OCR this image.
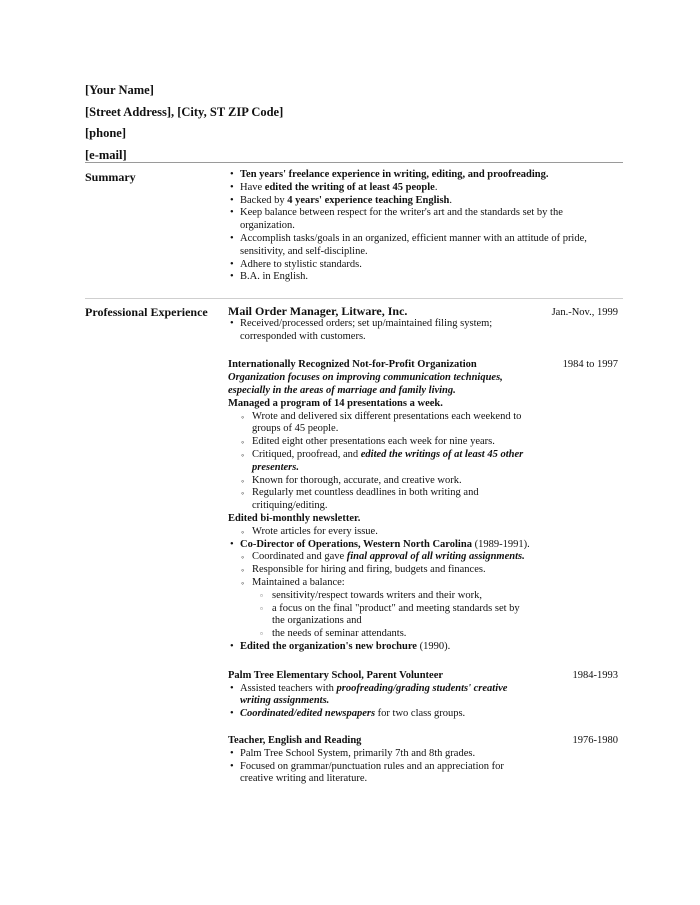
[Your Name]
[Street Address], [City, ST ZIP Code]
[phone]
[e-mail]
Summary
•	Ten years' freelance experience in writing, editing, and proofreading.
• Have edited the writing of at least 45 people.
• Backed by 4 years' experience teaching English.
• Keep balance between respect for the writer's art and the standards set by the organization.
• Accomplish tasks/goals in an organized, efficient manner with an attitude of pride, sensitivity, and self-discipline.
• Adhere to stylistic standards.
• B.A. in English.
Professional Experience Mail Order Manager, Litware, Inc.	Jan.-Nov., 1999
• Received/processed orders; set up/maintained filing system; corresponded with customers.
Internationally Recognized Not-for-Profit Organization	1984 to 1997
Organization focuses on improving communication techniques, especially in the areas of marriage and family living.
Managed a program of 14 presentations a week.
◦ Wrote and delivered six different presentations each weekend to groups of 45 people.
◦ Edited eight other presentations each week for nine years.
◦ Critiqued, proofread, and edited the writings of at least 45 other presenters.
◦ Known for thorough, accurate, and creative work.
◦ Regularly met countless deadlines in both writing and critiquing/editing.
Edited bi-monthly newsletter.
◦ Wrote articles for every issue.
• Co-Director of Operations, Western North Carolina (1989-1991).
◦ Coordinated and gave final approval of all writing assignments.
◦ Responsible for hiring and firing, budgets and finances.
◦ Maintained a balance:
▫ sensitivity/respect towards writers and their work,
▫ a focus on the final "product" and meeting standards set by the organizations and
▫ the needs of seminar attendants.
• Edited the organization's new brochure (1990).
Palm Tree Elementary School, Parent Volunteer	1984-1993
• Assisted teachers with proofreading/grading students' creative writing assignments.
• Coordinated/edited newspapers for two class groups.
Teacher, English and Reading	1976-1980
• Palm Tree School System, primarily 7th and 8th grades.
• Focused on grammar/punctuation rules and an appreciation for creative writing and literature.
